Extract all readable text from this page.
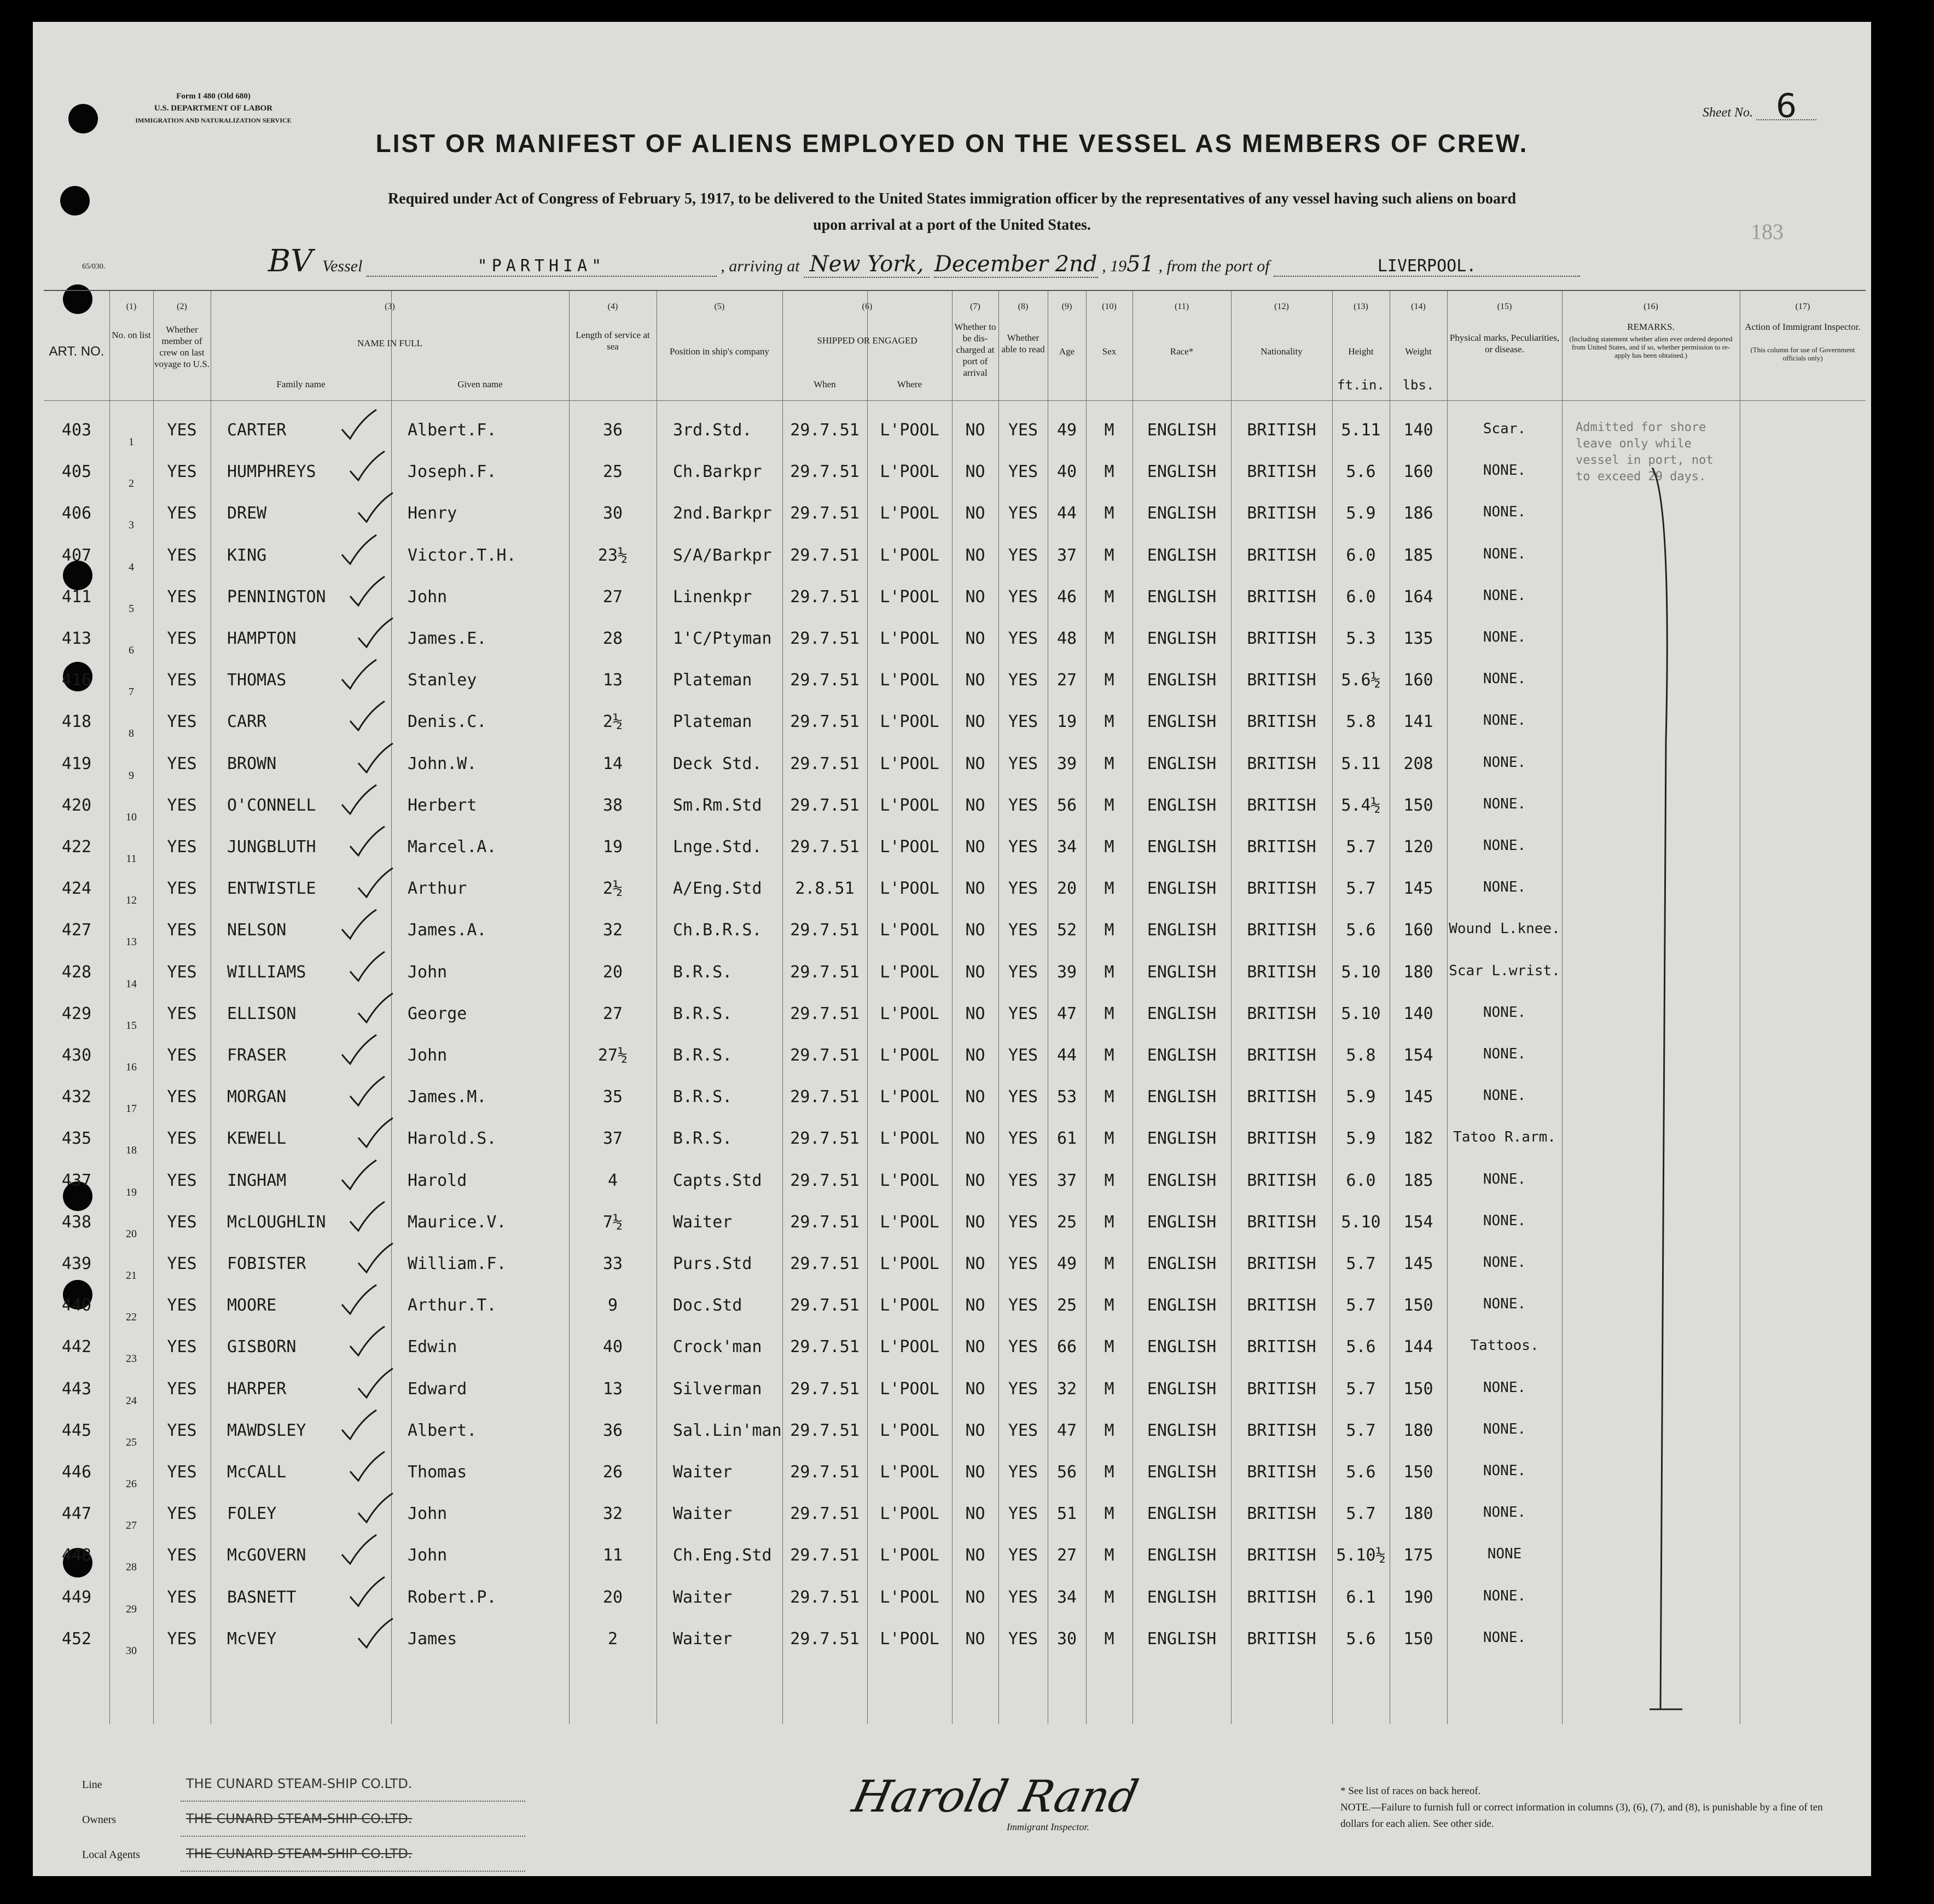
Form I 480 (Old 680)
U.S. DEPARTMENT OF LABOR
IMMIGRATION AND NATURALIZATION SERVICE
Sheet No. 6
183
LIST OR MANIFEST OF ALIENS EMPLOYED ON THE VESSEL AS MEMBERS OF CREW.
Required under Act of Congress of February 5, 1917, to be delivered to the United States immigration officer by the representatives of any vessel having such aliens on board
upon arrival at a port of the United States.
65/030.	BV Vessel	"PARTHIA"	, arriving at New York, December 2nd , 1951 , from the port of	LIVERPOOL.
(1)	(2)	(3)	(4)	(5)	(6)	(7)	(8)	(9)	(10)	(11)	(12)	(13)	(14)	(15)	(16)	(17)
ART. NO.
No. on list
Whether member of crew on last voyage to U.S.
NAME IN FULL
Family name	Given name
Length of service at sea	Position in ship's company
SHIPPED OR ENGAGED
When	Where
Whether to be dis-charged at port of arrival
Whether able to read	Age	Sex	Race*	Nationality	Height
ft.in.
Weight
lbs.
Physical marks, Peculiarities, or disease.
REMARKS.
(Including statement whether alien ever ordered deported from United States, and if so, whether permission to re-apply has been obtained.)
Action of Immigrant Inspector.
(This column for use of Government officials only)
403
1
YES	CARTER	Albert.F.	36	3rd.Std.	29.7.51	L'POOL	NO	YES	49	M	ENGLISH	BRITISH	5.11	140	Scar.
405
2
YES	HUMPHREYS	Joseph.F.	25	Ch.Barkpr	29.7.51	L'POOL	NO	YES	40	M	ENGLISH	BRITISH	5.6	160	NONE.
406
3
YES	DREW	Henry	30	2nd.Barkpr	29.7.51	L'POOL	NO	YES	44	M	ENGLISH	BRITISH	5.9	186	NONE.
407
4
YES	KING	Victor.T.H.	23½	S/A/Barkpr	29.7.51	L'POOL	NO	YES	37	M	ENGLISH	BRITISH	6.0	185	NONE.
411
5
YES	PENNINGTON	John	27	Linenkpr	29.7.51	L'POOL	NO	YES	46	M	ENGLISH	BRITISH	6.0	164	NONE.
413
6
YES	HAMPTON	James.E.	28	1'C/Ptyman	29.7.51	L'POOL	NO	YES	48	M	ENGLISH	BRITISH	5.3	135	NONE.
416
7
YES	THOMAS	Stanley	13	Plateman	29.7.51	L'POOL	NO	YES	27	M	ENGLISH	BRITISH	5.6½	160	NONE.
418
8
YES	CARR	Denis.C.	2½	Plateman	29.7.51	L'POOL	NO	YES	19	M	ENGLISH	BRITISH	5.8	141	NONE.
419
9
YES	BROWN	John.W.	14	Deck Std.	29.7.51	L'POOL	NO	YES	39	M	ENGLISH	BRITISH	5.11	208	NONE.
420
10
YES	O'CONNELL	Herbert	38	Sm.Rm.Std	29.7.51	L'POOL	NO	YES	56	M	ENGLISH	BRITISH	5.4½	150	NONE.
422
11
YES	JUNGBLUTH	Marcel.A.	19	Lnge.Std.	29.7.51	L'POOL	NO	YES	34	M	ENGLISH	BRITISH	5.7	120	NONE.
424
12
YES	ENTWISTLE	Arthur	2½	A/Eng.Std	2.8.51	L'POOL	NO	YES	20	M	ENGLISH	BRITISH	5.7	145	NONE.
427
13
YES	NELSON	James.A.	32	Ch.B.R.S.	29.7.51	L'POOL	NO	YES	52	M	ENGLISH	BRITISH	5.6	160	Wound L.knee.
428
14
YES	WILLIAMS	John	20	B.R.S.	29.7.51	L'POOL	NO	YES	39	M	ENGLISH	BRITISH	5.10	180	Scar L.wrist.
429
15
YES	ELLISON	George	27	B.R.S.	29.7.51	L'POOL	NO	YES	47	M	ENGLISH	BRITISH	5.10	140	NONE.
430
16
YES	FRASER	John	27½	B.R.S.	29.7.51	L'POOL	NO	YES	44	M	ENGLISH	BRITISH	5.8	154	NONE.
432
17
YES	MORGAN	James.M.	35	B.R.S.	29.7.51	L'POOL	NO	YES	53	M	ENGLISH	BRITISH	5.9	145	NONE.
435
18
YES	KEWELL	Harold.S.	37	B.R.S.	29.7.51	L'POOL	NO	YES	61	M	ENGLISH	BRITISH	5.9	182	Tatoo R.arm.
437
19
YES	INGHAM	Harold	4	Capts.Std	29.7.51	L'POOL	NO	YES	37	M	ENGLISH	BRITISH	6.0	185	NONE.
438
20
YES	McLOUGHLIN	Maurice.V.	7½	Waiter	29.7.51	L'POOL	NO	YES	25	M	ENGLISH	BRITISH	5.10	154	NONE.
439
21
YES	FOBISTER	William.F.	33	Purs.Std	29.7.51	L'POOL	NO	YES	49	M	ENGLISH	BRITISH	5.7	145	NONE.
440
22
YES	MOORE	Arthur.T.	9	Doc.Std	29.7.51	L'POOL	NO	YES	25	M	ENGLISH	BRITISH	5.7	150	NONE.
442
23
YES	GISBORN	Edwin	40	Crock'man	29.7.51	L'POOL	NO	YES	66	M	ENGLISH	BRITISH	5.6	144	Tattoos.
443
24
YES	HARPER	Edward	13	Silverman	29.7.51	L'POOL	NO	YES	32	M	ENGLISH	BRITISH	5.7	150	NONE.
445
25
YES	MAWDSLEY	Albert.	36	Sal.Lin'man 29.7.51	L'POOL	NO	YES	47	M	ENGLISH	BRITISH	5.7	180	NONE.
446
26
YES	McCALL	Thomas	26	Waiter	29.7.51	L'POOL	NO	YES	56	M	ENGLISH	BRITISH	5.6	150	NONE.
447
27
YES	FOLEY	John	32	Waiter	29.7.51	L'POOL	NO	YES	51	M	ENGLISH	BRITISH	5.7	180	NONE.
448
28
YES	McGOVERN	John	11	Ch.Eng.Std	29.7.51	L'POOL	NO	YES	27	M	ENGLISH	BRITISH	5.10½	175	NONE
449
29
YES	BASNETT	Robert.P.	20	Waiter	29.7.51	L'POOL	NO	YES	34	M	ENGLISH	BRITISH	6.1	190	NONE.
452
30
YES	McVEY	James	2	Waiter	29.7.51	L'POOL	NO	YES	30	M	ENGLISH	BRITISH	5.6	150	NONE.
Admitted for shore leave only while vessel in port, not to exceed 29 days.
Line	THE CUNARD STEAM-SHIP CO.LTD.
Owners	THE CUNARD STEAM-SHIP CO.LTD.
Local Agents	THE CUNARD STEAM-SHIP CO.LTD.
Harold Rand
Immigrant Inspector.
* See list of races on back hereof.
NOTE.—Failure to furnish full or correct information in columns (3), (6), (7), and (8), is punishable by a fine of ten dollars for each alien. See other side.
